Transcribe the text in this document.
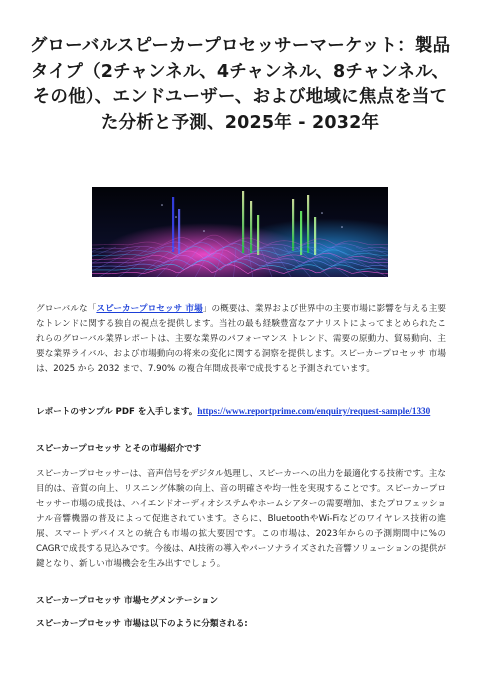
グローバルスピーカープロセッサーマーケット：製品タイプ（2チャンネル、4チャンネル、8チャンネル、その他）、エンドユーザー、および地域に焦点を当てた分析と予測、2025年 - 2032年

グローバルな「スピーカープロセッサ 市場」の概要は、業界および世界中の主要市場に影響を与える主要なトレンドに関する独自の視点を提供します。当社の最も経験豊富なアナリストによってまとめられたこれらのグローバル業界レポートは、主要な業界のパフォーマンス トレンド、需要の原動力、貿易動向、主要な業界ライバル、および市場動向の将来の変化に関する洞察を提供します。スピーカープロセッサ 市場は、2025 から 2032 まで、7.90% の複合年間成長率で成長すると予測されています。

レポートのサンプル PDF を入手します。https://www.reportprime.com/enquiry/request-sample/1330

スピーカープロセッサ とその市場紹介です

スピーカープロセッサーは、音声信号をデジタル処理し、スピーカーへの出力を最適化する技術です。主な目的は、音質の向上、リスニング体験の向上、音の明確さや均一性を実現することです。スピーカープロセッサー市場の成長は、ハイエンドオーディオシステムやホームシアターの需要増加、またプロフェッショナル音響機器の普及によって促進されています。さらに、BluetoothやWi-Fiなどのワイヤレス技術の進展、スマートデバイスとの統合も市場の拡大要因です。この市場は、2023年からの予測期間中に%のCAGRで成長する見込みです。今後は、AI技術の導入やパーソナライズされた音響ソリューションの提供が鍵となり、新しい市場機会を生み出すでしょう。

スピーカープロセッサ 市場セグメンテーション

スピーカープロセッサ 市場は以下のように分類される:
